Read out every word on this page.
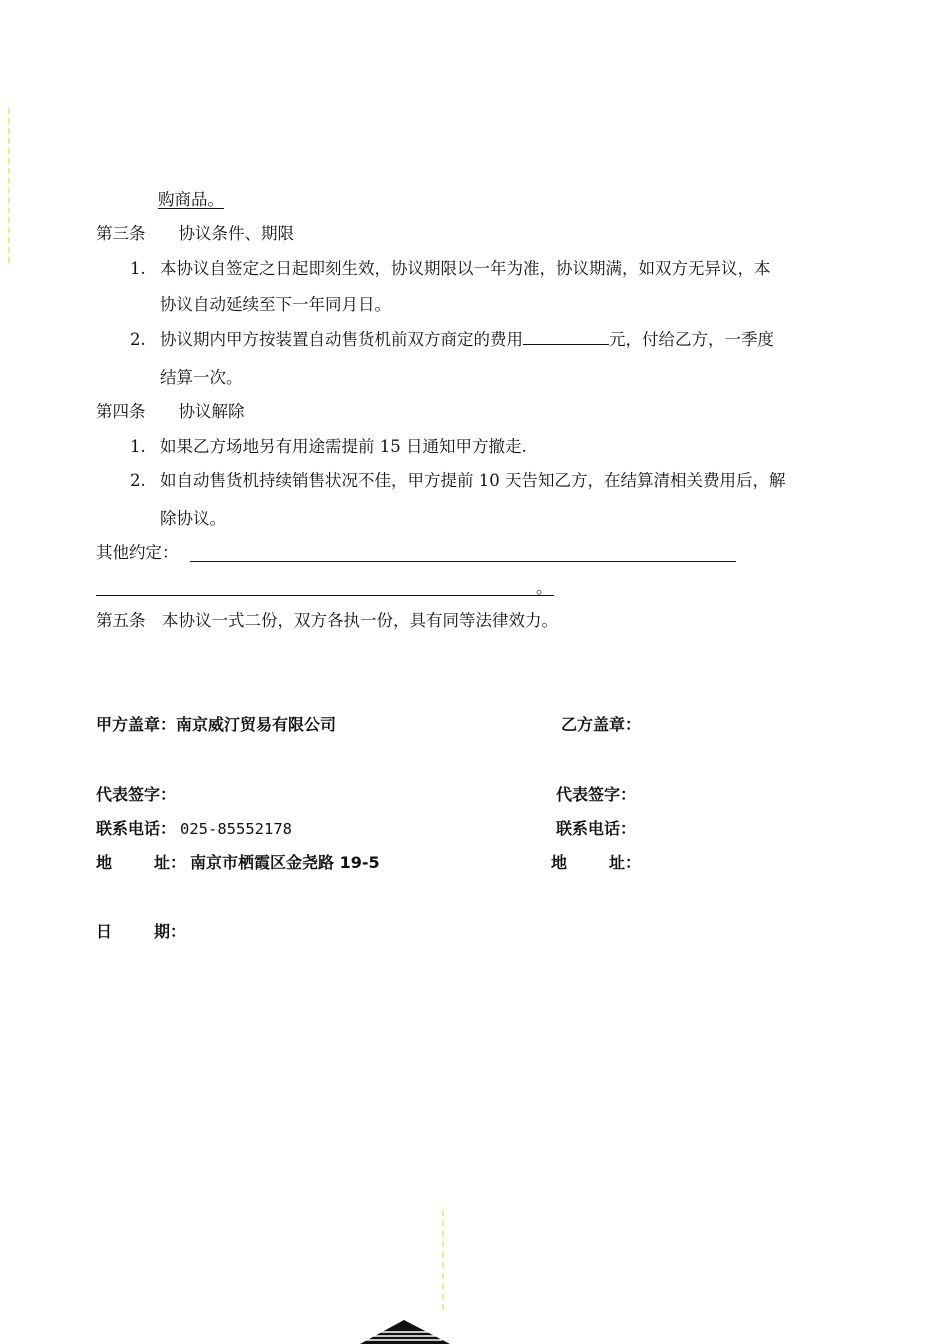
购商品。
第三条　　协议条件、期限
1. 本协议自签定之日起即刻生效，协议期限以一年为准，协议期满，如双方无异议，本
协议自动延续至下一年同月日。
2. 协议期内甲方按装置自动售货机前双方商定的费用	元，付给乙方，一季度
结算一次。
第四条　　协议解除
1. 如果乙方场地另有用途需提前 15 日通知甲方撤走.
2. 如自动售货机持续销售状况不佳，甲方提前 10 天告知乙方，在结算清相关费用后，解
除协议。
其他约定：
。
第五条　本协议一式二份，双方各执一份，具有同等法律效力。
甲方盖章：南京威汀贸易有限公司	乙方盖章：
代表签字：	代表签字：
联系电话： 025-85552178	联系电话：
地	址： 南京市栖霞区金尧路 19-5	地	址：
日	期：
